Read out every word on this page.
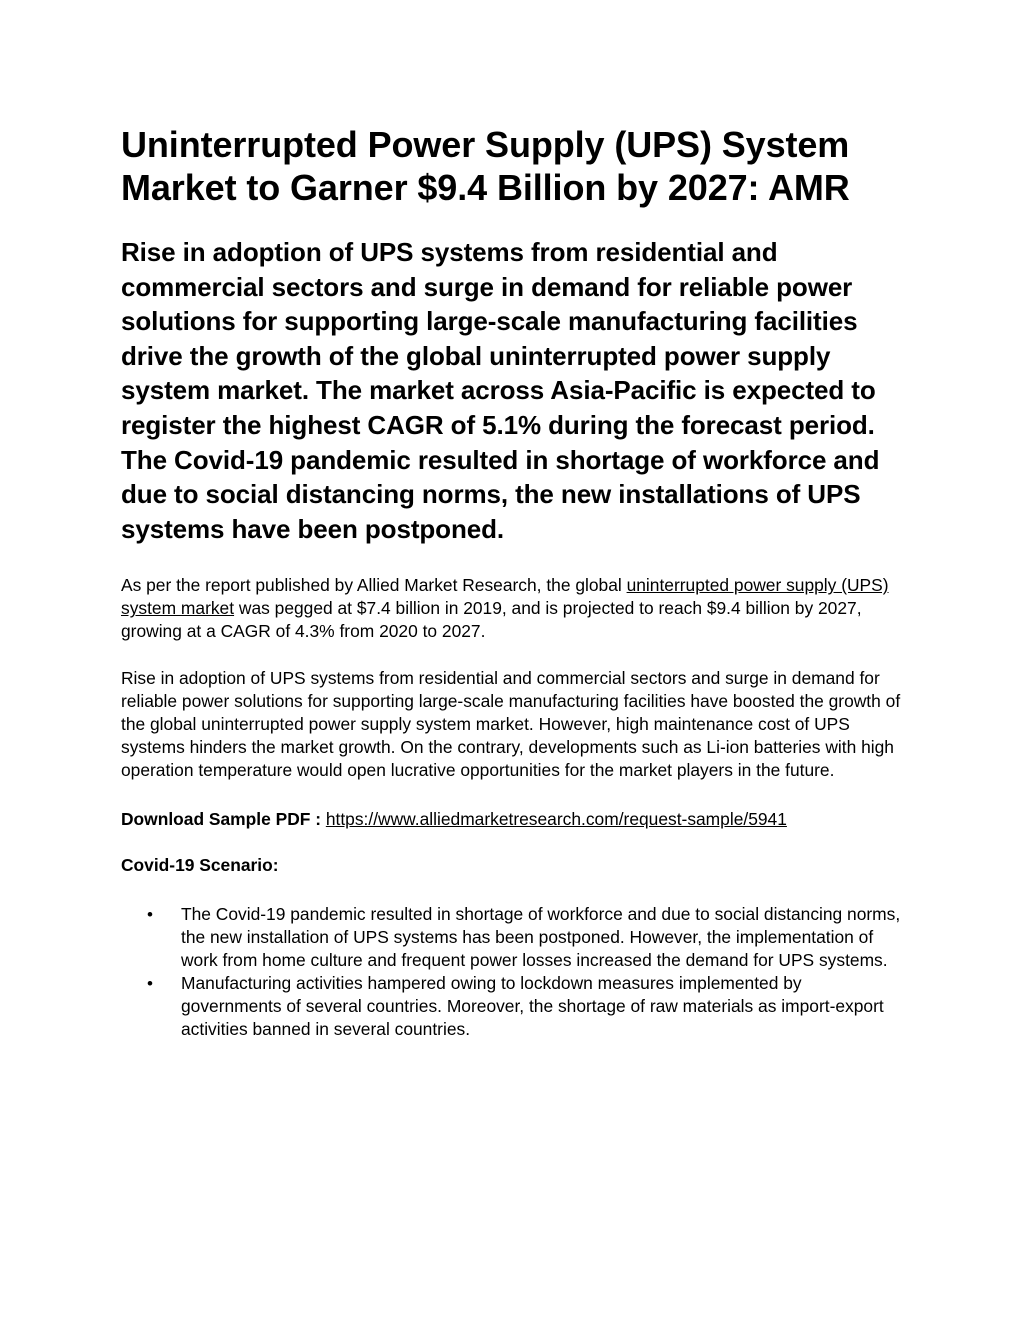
Uninterrupted Power Supply (UPS) System Market to Garner $9.4 Billion by 2027: AMR
Rise in adoption of UPS systems from residential and commercial sectors and surge in demand for reliable power solutions for supporting large-scale manufacturing facilities drive the growth of the global uninterrupted power supply system market. The market across Asia-Pacific is expected to register the highest CAGR of 5.1% during the forecast period. The Covid-19 pandemic resulted in shortage of workforce and due to social distancing norms, the new installations of UPS systems have been postponed.

As per the report published by Allied Market Research, the global uninterrupted power supply (UPS) system market was pegged at $7.4 billion in 2019, and is projected to reach $9.4 billion by 2027, growing at a CAGR of 4.3% from 2020 to 2027.

Rise in adoption of UPS systems from residential and commercial sectors and surge in demand for reliable power solutions for supporting large-scale manufacturing facilities have boosted the growth of the global uninterrupted power supply system market. However, high maintenance cost of UPS systems hinders the market growth. On the contrary, developments such as Li-ion batteries with high operation temperature would open lucrative opportunities for the market players in the future.

Download Sample PDF : https://www.alliedmarketresearch.com/request-sample/5941
Covid-19 Scenario:
• The Covid-19 pandemic resulted in shortage of workforce and due to social distancing norms, the new installation of UPS systems has been postponed. However, the implementation of work from home culture and frequent power losses increased the demand for UPS systems.
• Manufacturing activities hampered owing to lockdown measures implemented by governments of several countries. Moreover, the shortage of raw materials as import-export activities banned in several countries.
